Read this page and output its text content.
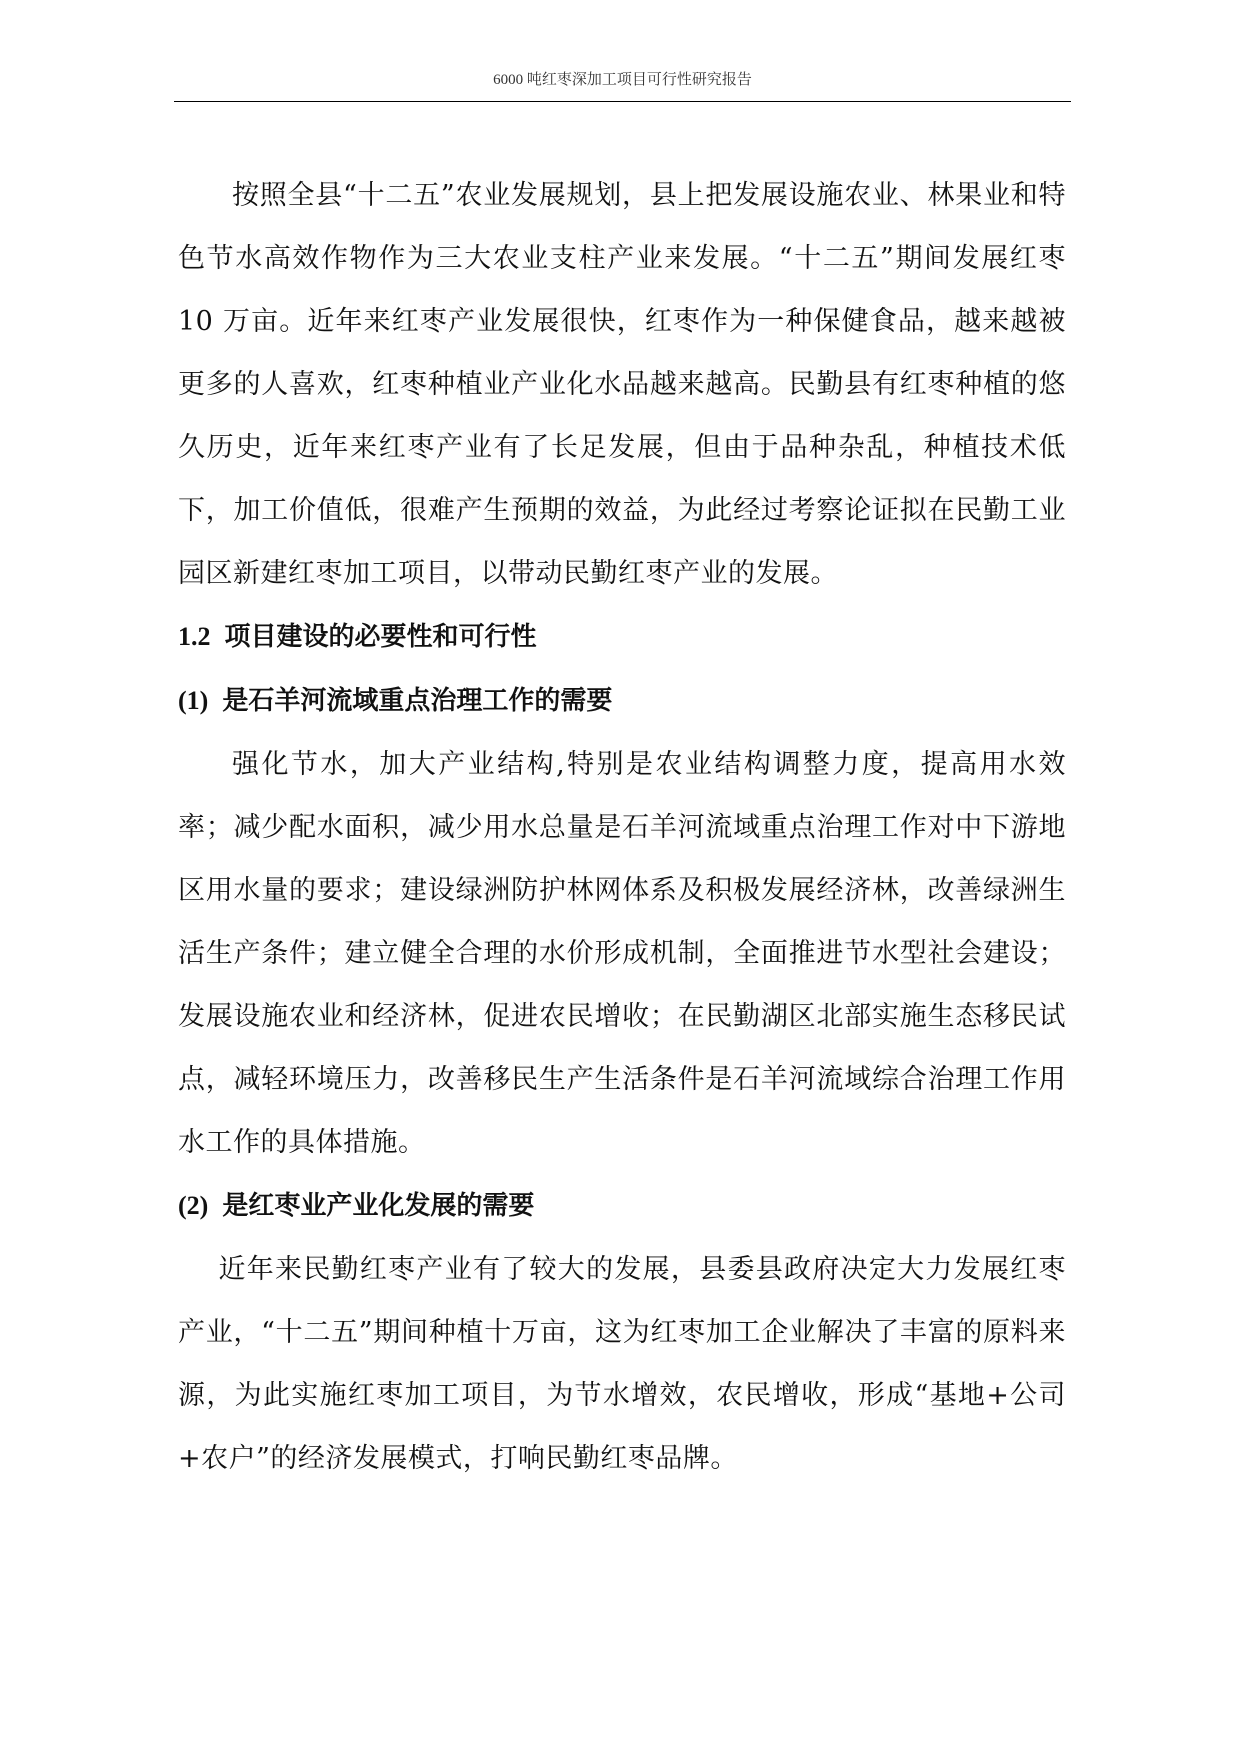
6000 吨红枣深加工项目可行性研究报告

按照全县“十二五”农业发展规划，县上把发展设施农业、林果业和特色节水高效作物作为三大农业支柱产业来发展。“十二五”期间发展红枣 10 万亩。近年来红枣产业发展很快，红枣作为一种保健食品，越来越被更多的人喜欢，红枣种植业产业化水品越来越高。民勤县有红枣种植的悠久历史，近年来红枣产业有了长足发展，但由于品种杂乱，种植技术低下，加工价值低，很难产生预期的效益，为此经过考察论证拟在民勤工业园区新建红枣加工项目，以带动民勤红枣产业的发展。

1.2 项目建设的必要性和可行性
(1) 是石羊河流域重点治理工作的需要

强化节水，加大产业结构,特别是农业结构调整力度，提高用水效率；减少配水面积，减少用水总量是石羊河流域重点治理工作对中下游地区用水量的要求；建设绿洲防护林网体系及积极发展经济林，改善绿洲生活生产条件；建立健全合理的水价形成机制，全面推进节水型社会建设； 发展设施农业和经济林，促进农民增收；在民勤湖区北部实施生态移民试点，减轻环境压力，改善移民生产生活条件是石羊河流域综合治理工作用水工作的具体措施。

(2) 是红枣业产业化发展的需要

近年来民勤红枣产业有了较大的发展，县委县政府决定大力发展红枣产业，“十二五”期间种植十万亩，这为红枣加工企业解决了丰富的原料来源，为此实施红枣加工项目，为节水增效，农民增收，形成“基地+公司+农户”的经济发展模式，打响民勤红枣品牌。
